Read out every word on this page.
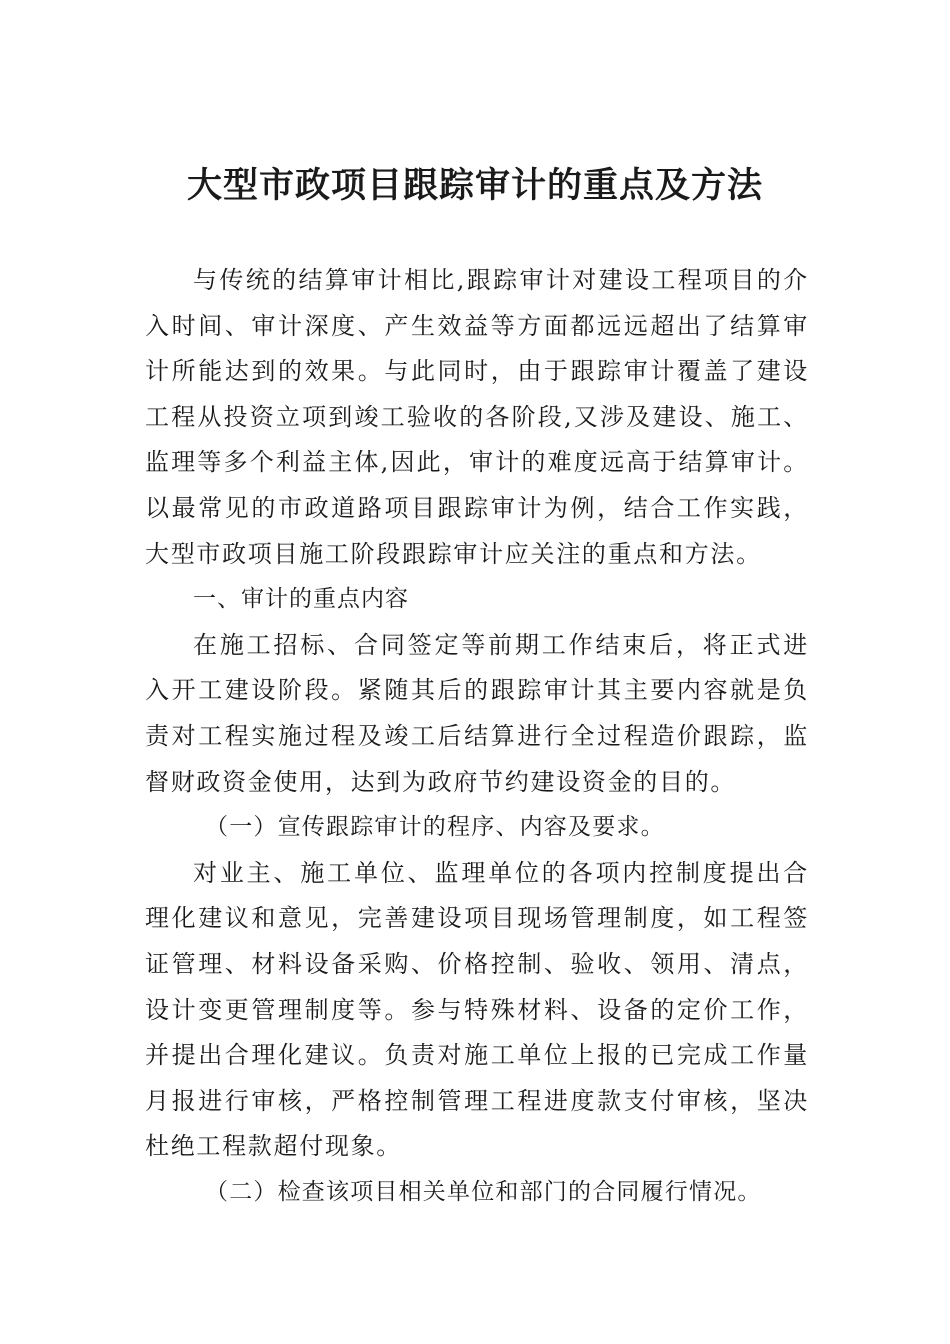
大型市政项目跟踪审计的重点及方法

与传统的结算审计相比,跟踪审计对建设工程项目的介入时间、审计深度、产生效益等方面都远远超出了结算审计所能达到的效果。与此同时，由于跟踪审计覆盖了建设工程从投资立项到竣工验收的各阶段,又涉及建设、施工、监理等多个利益主体,因此，审计的难度远高于结算审计。以最常见的市政道路项目跟踪审计为例，结合工作实践，大型市政项目施工阶段跟踪审计应关注的重点和方法。

一、审计的重点内容

在施工招标、合同签定等前期工作结束后，将正式进入开工建设阶段。紧随其后的跟踪审计其主要内容就是负责对工程实施过程及竣工后结算进行全过程造价跟踪，监督财政资金使用，达到为政府节约建设资金的目的。

（一）宣传跟踪审计的程序、内容及要求。

对业主、施工单位、监理单位的各项内控制度提出合理化建议和意见，完善建设项目现场管理制度，如工程签证管理、材料设备采购、价格控制、验收、领用、清点，设计变更管理制度等。参与特殊材料、设备的定价工作，并提出合理化建议。负责对施工单位上报的已完成工作量月报进行审核，严格控制管理工程进度款支付审核，坚决杜绝工程款超付现象。

（二）检查该项目相关单位和部门的合同履行情况。
